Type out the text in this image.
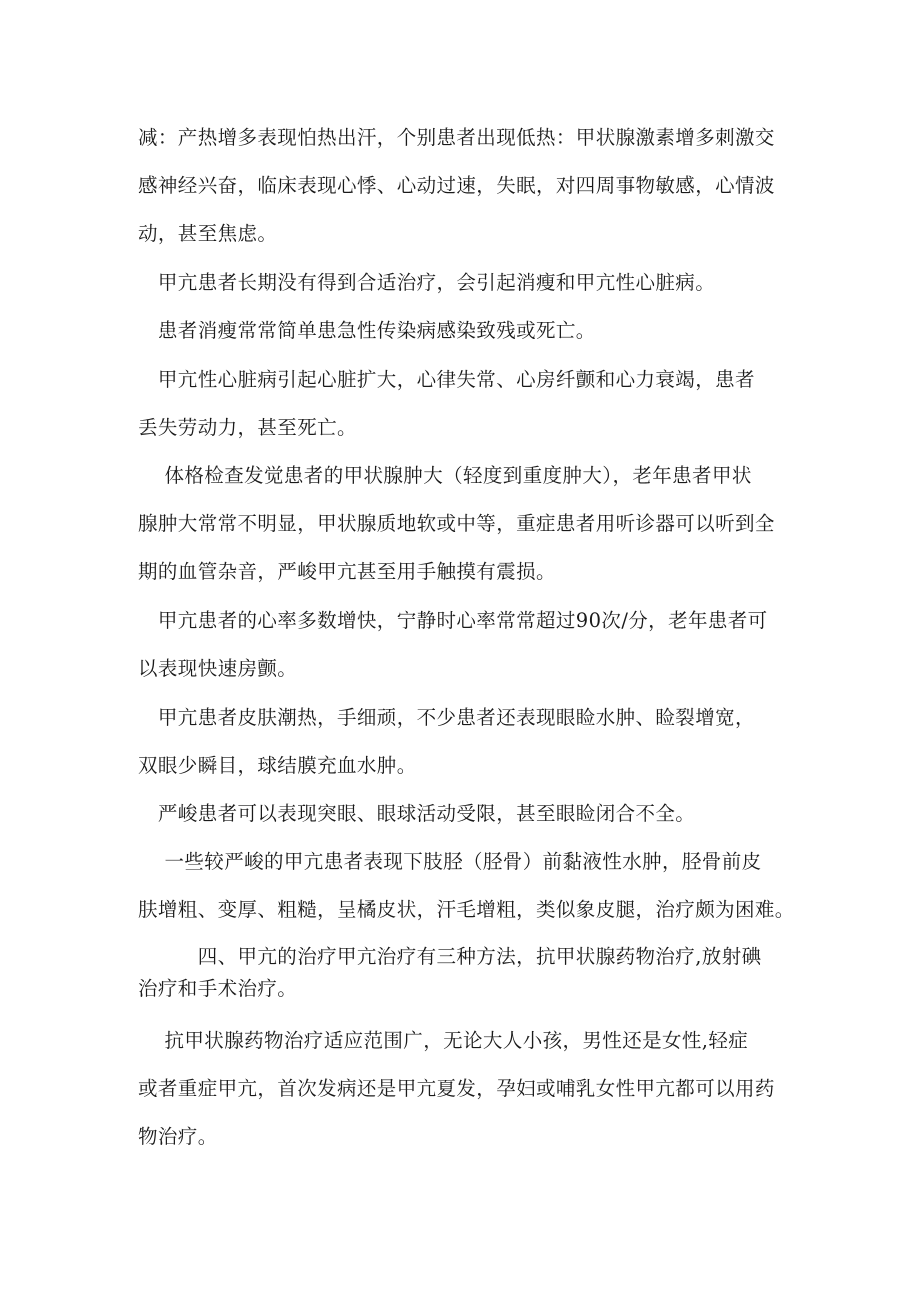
减：产热增多表现怕热出汗，个别患者出现低热：甲状腺激素增多刺激交
感神经兴奋，临床表现心悸、心动过速，失眠，对四周事物敏感，心情波
动，甚至焦虑。

　甲亢患者长期没有得到合适治疗，会引起消瘦和甲亢性心脏病。

　患者消瘦常常简单患急性传染病感染致残或死亡。

　甲亢性心脏病引起心脏扩大，心律失常、心房纤颤和心力衰竭，患者
丢失劳动力，甚至死亡。

　 体格检查发觉患者的甲状腺肿大（轻度到重度肿大），老年患者甲状
腺肿大常常不明显，甲状腺质地软或中等，重症患者用听诊器可以听到全
期的血管杂音，严峻甲亢甚至用手触摸有震损。

　甲亢患者的心率多数增快，宁静时心率常常超过90次/分，老年患者可
以表现快速房颤。

　甲亢患者皮肤潮热，手细顽，不少患者还表现眼睑水肿、睑裂增宽，
双眼少瞬目，球结膜充血水肿。

　严峻患者可以表现突眼、眼球活动受限，甚至眼睑闭合不全。

　 一些较严峻的甲亢患者表现下肢胫（胫骨）前黏液性水肿，胫骨前皮
肤增粗、变厚、粗糙，呈橘皮状，汗毛增粗，类似象皮腿，治疗颇为困难。

　　　四、甲亢的治疗甲亢治疗有三种方法，抗甲状腺药物治疗,放射碘
治疗和手术治疗。

　 抗甲状腺药物治疗适应范围广，无论大人小孩，男性还是女性,轻症
或者重症甲亢，首次发病还是甲亢夏发，孕妇或哺乳女性甲亢都可以用药
物治疗。
